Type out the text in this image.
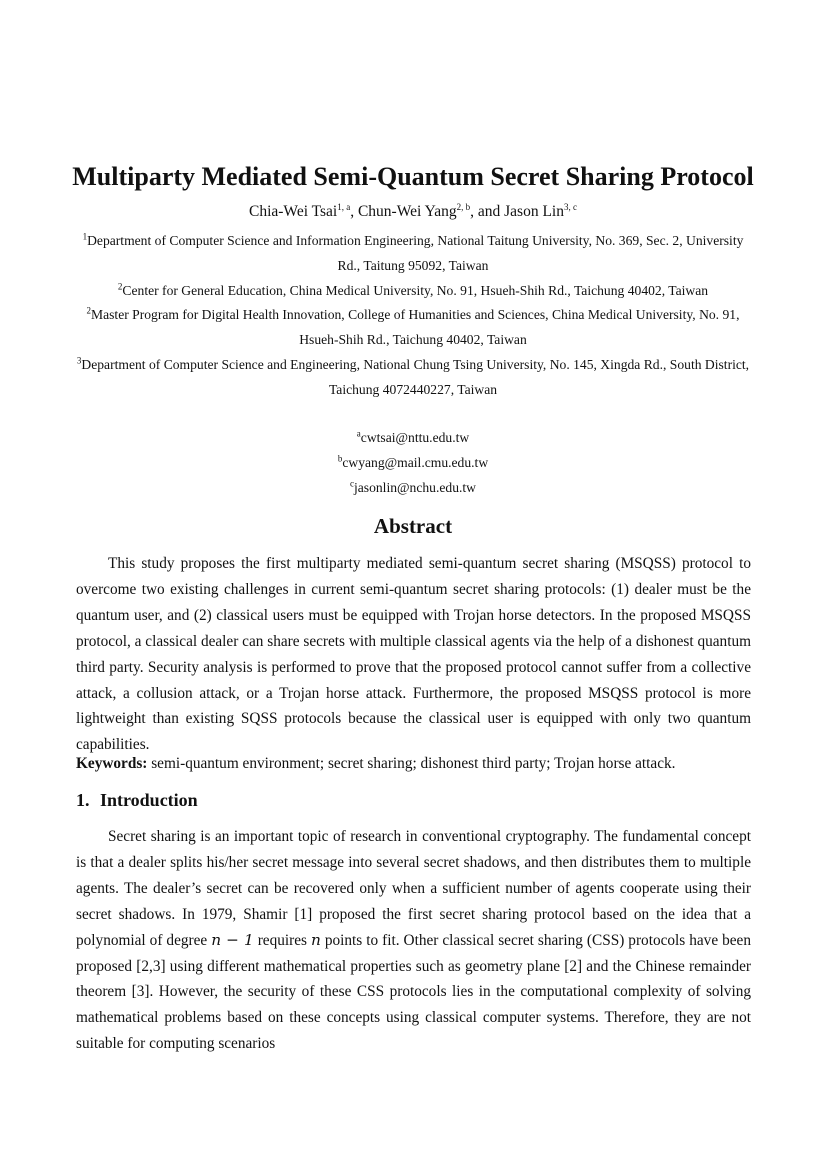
Multiparty Mediated Semi-Quantum Secret Sharing Protocol
Chia-Wei Tsai$^{1, a}$, Chun-Wei Yang$^{2, b}$, and Jason Lin$^{3, c}$
$^1$Department of Computer Science and Information Engineering, National Taitung University, No. 369, Sec. 2, University Rd., Taitung 95092, Taiwan
$^2$Center for General Education, China Medical University, No. 91, Hsueh-Shih Rd., Taichung 40402, Taiwan
$^2$Master Program for Digital Health Innovation, College of Humanities and Sciences, China Medical University, No. 91, Hsueh-Shih Rd., Taichung 40402, Taiwan
$^3$Department of Computer Science and Engineering, National Chung Tsing University, No. 145, Xingda Rd., South District,
Taichung 4072440227, Taiwan
$^a$cwtsai@nttu.edu.tw
$^b$cwyang@mail.cmu.edu.tw
$^c$jasonlin@nchu.edu.tw
Abstract

This study proposes the first multiparty mediated semi-quantum secret sharing (MSQSS) protocol to overcome two existing challenges in current semi-quantum secret sharing protocols: (1) dealer must be the quantum user, and (2) classical users must be equipped with Trojan horse detectors. In the proposed MSQSS protocol, a classical dealer can share secrets with multiple classical agents via the help of a dishonest quantum third party. Security analysis is performed to prove that the proposed protocol cannot suffer from a collective attack, a collusion attack, or a Trojan horse attack. Furthermore, the proposed MSQSS protocol is more lightweight than existing SQSS protocols because the classical user is equipped with only two quantum capabilities.

Keywords: semi-quantum environment; secret sharing; dishonest third party; Trojan horse attack.

1. Introduction

Secret sharing is an important topic of research in conventional cryptography. The fundamental concept is that a dealer splits his/her secret message into several secret shadows, and then distributes them to multiple agents. The dealer’s secret can be recovered only when a sufficient number of agents cooperate using their secret shadows. In 1979, Shamir [1] proposed the first secret sharing protocol based on the idea that a polynomial of degree n − 1 requires n points to fit. Other classical secret sharing (CSS) protocols have been proposed [2,3] using different mathematical properties such as geometry plane [2] and the Chinese remainder theorem [3]. However, the security of these CSS protocols lies in the computational complexity of solving mathematical problems based on these concepts using classical computer systems. Therefore, they are not suitable for computing scenarios
